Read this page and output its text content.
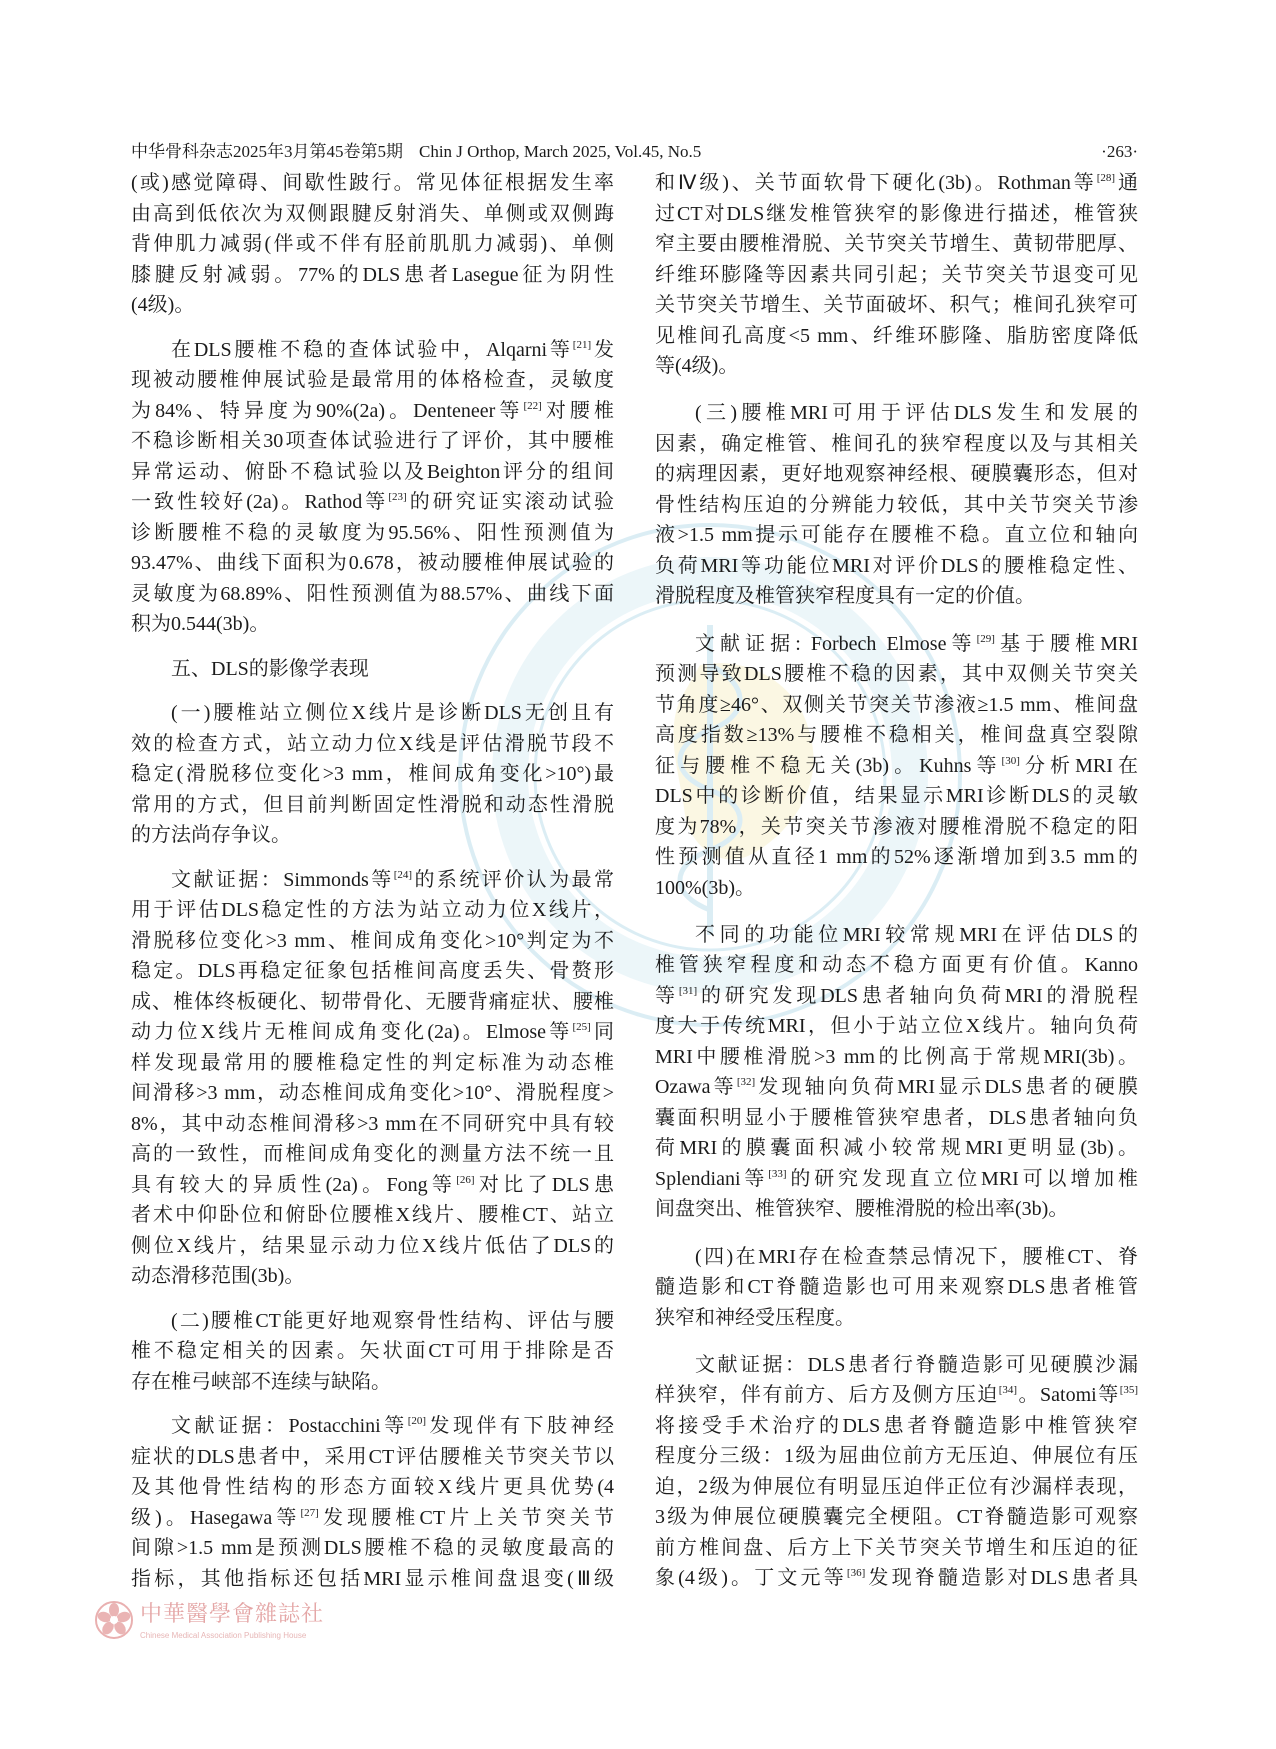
中华骨科杂志2025年3月第45卷第5期 Chin J Orthop, March 2025, Vol.45, No.5	·263·
(或)感觉障碍、间歇性跛行。常见体征根据发生率
由高到低依次为双侧跟腱反射消失、单侧或双侧踇
背伸肌力减弱(伴或不伴有胫前肌肌力减弱)、单侧
膝腱反射减弱。77%的DLS患者Lasegue征为阴性
(4级)。
在DLS腰椎不稳的查体试验中，Alqarni等[21]发
现被动腰椎伸展试验是最常用的体格检查，灵敏度
为84%、特异度为90%(2a)。Denteneer等[22]对腰椎
不稳诊断相关30项查体试验进行了评价，其中腰椎
异常运动、俯卧不稳试验以及Beighton评分的组间
一致性较好(2a)。Rathod等[23]的研究证实滚动试验
诊断腰椎不稳的灵敏度为95.56%、阳性预测值为
93.47%、曲线下面积为0.678，被动腰椎伸展试验的
灵敏度为68.89%、阳性预测值为88.57%、曲线下面
积为0.544(3b)。
五、DLS的影像学表现
(一)腰椎站立侧位X线片是诊断DLS无创且有
效的检查方式，站立动力位X线是评估滑脱节段不
稳定(滑脱移位变化>3 mm，椎间成角变化>10°)最
常用的方式，但目前判断固定性滑脱和动态性滑脱
的方法尚存争议。
文献证据：Simmonds等[24]的系统评价认为最常
用于评估DLS稳定性的方法为站立动力位X线片，
滑脱移位变化>3 mm、椎间成角变化>10°判定为不
稳定。DLS再稳定征象包括椎间高度丢失、骨赘形
成、椎体终板硬化、韧带骨化、无腰背痛症状、腰椎
动力位X线片无椎间成角变化(2a)。Elmose等[25]同
样发现最常用的腰椎稳定性的判定标准为动态椎
间滑移>3 mm，动态椎间成角变化>10°、滑脱程度>
8%，其中动态椎间滑移>3 mm在不同研究中具有较
高的一致性，而椎间成角变化的测量方法不统一且
具有较大的异质性(2a)。Fong等[26]对比了DLS患
者术中仰卧位和俯卧位腰椎X线片、腰椎CT、站立
侧位X线片，结果显示动力位X线片低估了DLS的
动态滑移范围(3b)。
(二)腰椎CT能更好地观察骨性结构、评估与腰
椎不稳定相关的因素。矢状面CT可用于排除是否
存在椎弓峡部不连续与缺陷。
文献证据：Postacchini等[20]发现伴有下肢神经
症状的DLS患者中，采用CT评估腰椎关节突关节以
及其他骨性结构的形态方面较X线片更具优势(4
级)。Hasegawa等[27]发现腰椎CT片上关节突关节
间隙>1.5 mm是预测DLS腰椎不稳的灵敏度最高的
指标，其他指标还包括MRI显示椎间盘退变(Ⅲ级
和Ⅳ级)、关节面软骨下硬化(3b)。Rothman等[28]通
过CT对DLS继发椎管狭窄的影像进行描述，椎管狭
窄主要由腰椎滑脱、关节突关节增生、黄韧带肥厚、
纤维环膨隆等因素共同引起；关节突关节退变可见
关节突关节增生、关节面破坏、积气；椎间孔狭窄可
见椎间孔高度<5 mm、纤维环膨隆、脂肪密度降低
等(4级)。
(三)腰椎MRI可用于评估DLS发生和发展的
因素，确定椎管、椎间孔的狭窄程度以及与其相关
的病理因素，更好地观察神经根、硬膜囊形态，但对
骨性结构压迫的分辨能力较低，其中关节突关节渗
液>1.5 mm提示可能存在腰椎不稳。直立位和轴向
负荷MRI等功能位MRI对评价DLS的腰椎稳定性、
滑脱程度及椎管狭窄程度具有一定的价值。
文献证据: Forbech Elmose等[29]基于腰椎MRI
预测导致DLS腰椎不稳的因素，其中双侧关节突关
节角度≥46°、双侧关节突关节渗液≥1.5 mm、椎间盘
高度指数≥13%与腰椎不稳相关，椎间盘真空裂隙
征与腰椎不稳无关(3b)。Kuhns等[30]分析MRI在
DLS中的诊断价值，结果显示MRI诊断DLS的灵敏
度为78%，关节突关节渗液对腰椎滑脱不稳定的阳
性预测值从直径1 mm的52%逐渐增加到3.5 mm的
100%(3b)。
不同的功能位MRI较常规MRI在评估DLS的
椎管狭窄程度和动态不稳方面更有价值。Kanno
等[31]的研究发现DLS患者轴向负荷MRI的滑脱程
度大于传统MRI，但小于站立位X线片。轴向负荷
MRI中腰椎滑脱>3 mm的比例高于常规MRI(3b)。
Ozawa等[32]发现轴向负荷MRI显示DLS患者的硬膜
囊面积明显小于腰椎管狭窄患者，DLS患者轴向负
荷MRI的膜囊面积减小较常规MRI更明显(3b)。
Splendiani等[33]的研究发现直立位MRI可以增加椎
间盘突出、椎管狭窄、腰椎滑脱的检出率(3b)。
(四)在MRI存在检查禁忌情况下，腰椎CT、脊
髓造影和CT脊髓造影也可用来观察DLS患者椎管
狭窄和神经受压程度。
文献证据：DLS患者行脊髓造影可见硬膜沙漏
样狭窄，伴有前方、后方及侧方压迫[34]。Satomi等[35]
将接受手术治疗的DLS患者脊髓造影中椎管狭窄
程度分三级：1级为屈曲位前方无压迫、伸展位有压
迫，2级为伸展位有明显压迫伴正位有沙漏样表现，
3级为伸展位硬膜囊完全梗阻。CT脊髓造影可观察
前方椎间盘、后方上下关节突关节增生和压迫的征
象(4级)。丁文元等[36]发现脊髓造影对DLS患者具
中華醫學會雜誌社
Chinese Medical Association Publishing House
